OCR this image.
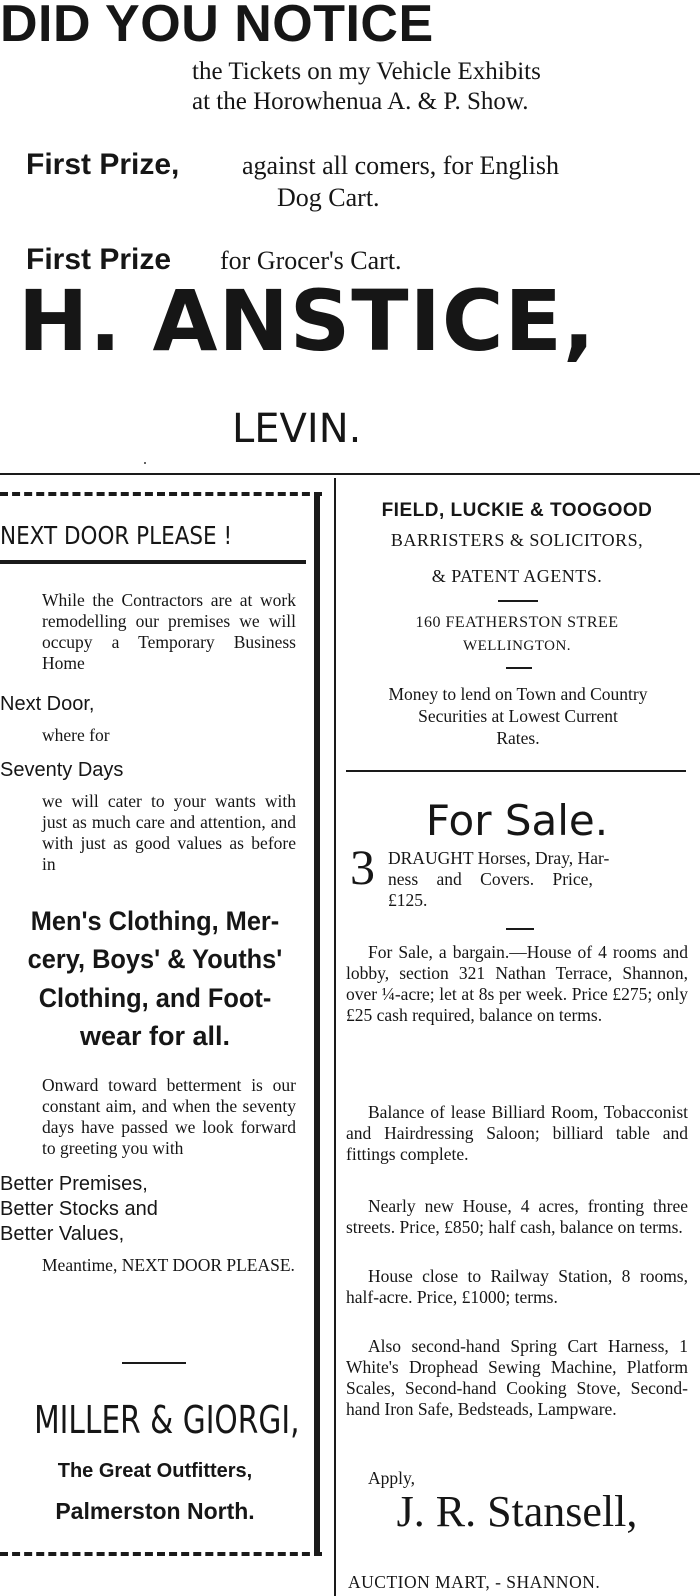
DID YOU NOTICE
the Tickets on my Vehicle Exhibits
at the Horowhenua A. & P. Show.
First Prize, against all comers, for English
Dog Cart.
First Prize for Grocer's Cart.
H. ANSTICE,
LEVIN.
NEXT DOOR PLEASE !
While the Contractors are at work remodelling our premises we will occupy a Temporary Business Home
Next Door,
where for
Seventy Days
we will cater to your wants with just as much care and attention, and with just as good values as before in
Men's Clothing, Mer-
cery, Boys' & Youths'
Clothing, and Foot-
wear for all.
Onward toward betterment is our constant aim, and when the seventy days have passed we look forward to greeting you with
Better Premises,
Better Stocks and
Better Values,
Meantime, NEXT DOOR PLEASE.
MILLER & GIORGI,
The Great Outfitters,
Palmerston North.
FIELD, LUCKIE & TOOGOOD
BARRISTERS & SOLICITORS,
& PATENT AGENTS.
160 FEATHERSTON STREE
WELLINGTON.
Money to lend on Town and Country
Securities at Lowest Current
Rates.
For Sale.
3 DRAUGHT Horses, Dray, Har-
ness and Covers. Price,
£125.
For Sale, a bargain.—House of 4 rooms and lobby, section 321 Nathan Terrace, Shannon, over ¼-acre; let at 8s per week. Price £275; only £25 cash required, balance on terms.
Balance of lease Billiard Room, Tobacconist and Hairdressing Saloon; billiard table and fittings complete.
Nearly new House, 4 acres, fronting three streets. Price, £850; half cash, balance on terms.
House close to Railway Station, 8 rooms, half-acre. Price, £1000; terms.
Also second-hand Spring Cart Harness, 1 White's Drophead Sewing Machine, Platform Scales, Second-hand Cooking Stove, Second-hand Iron Safe, Bedsteads, Lampware.
Apply,
J. R. Stansell,
AUCTION MART, - SHANNON.
